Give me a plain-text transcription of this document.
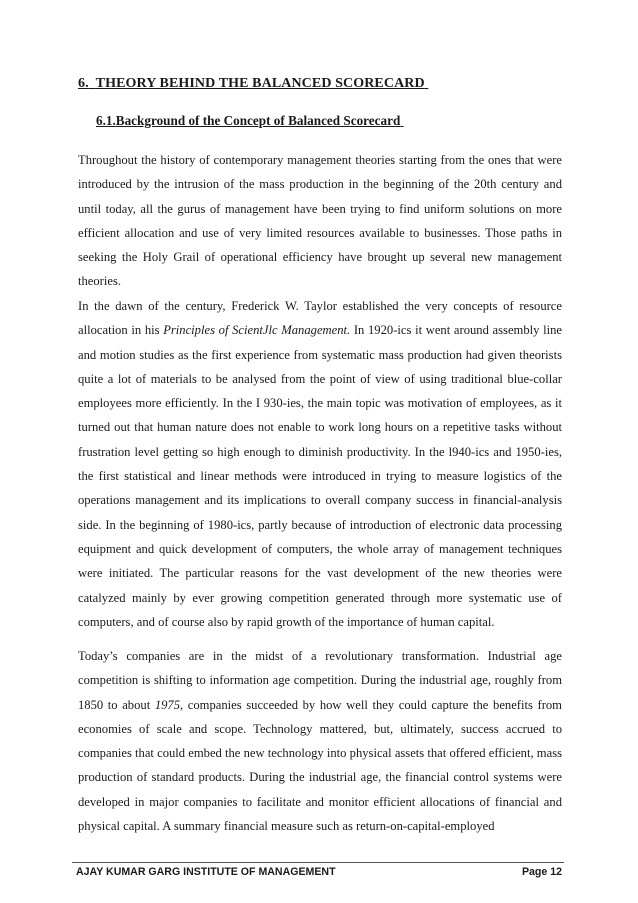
6. THEORY BEHIND THE BALANCED SCORECARD
6.1.Background of the Concept of Balanced Scorecard

Throughout the history of contemporary management theories starting from the ones that were introduced by the intrusion of the mass production in the beginning of the 20th century and until today, all the gurus of management have been trying to find uniform solutions on more efficient allocation and use of very limited resources available to businesses. Those paths in seeking the Holy Grail of operational efficiency have brought up several new management theories.

In the dawn of the century, Frederick W. Taylor established the very concepts of resource allocation in his Principles of ScientJlc Management. In 1920-ics it went around assembly line and motion studies as the first experience from systematic mass production had given theorists quite a lot of materials to be analysed from the point of view of using traditional blue-collar employees more efficiently. In the I 930-ies, the main topic was motivation of employees, as it turned out that human nature does not enable to work long hours on a repetitive tasks without frustration level getting so high enough to diminish productivity. In the l940-ics and 1950-ies, the first statistical and linear methods were introduced in trying to measure logistics of the operations management and its implications to overall company success in financial-analysis side. In the beginning of 1980-ics, partly because of introduction of electronic data processing equipment and quick development of computers, the whole array of management techniques were initiated. The particular reasons for the vast development of the new theories were catalyzed mainly by ever growing competition generated through more systematic use of computers, and of course also by rapid growth of the importance of human capital.

Today’s companies are in the midst of a revolutionary transformation. Industrial age competition is shifting to information age competition. During the industrial age, roughly from 1850 to about 1975, companies succeeded by how well they could capture the benefits from economies of scale and scope. Technology mattered, but, ultimately, success accrued to companies that could embed the new technology into physical assets that offered efficient, mass production of standard products. During the industrial age, the financial control systems were developed in major companies to facilitate and monitor efficient allocations of financial and physical capital. A summary financial measure such as return-on-capital-employed

AJAY KUMAR GARG INSTITUTE OF MANAGEMENT	Page 12
